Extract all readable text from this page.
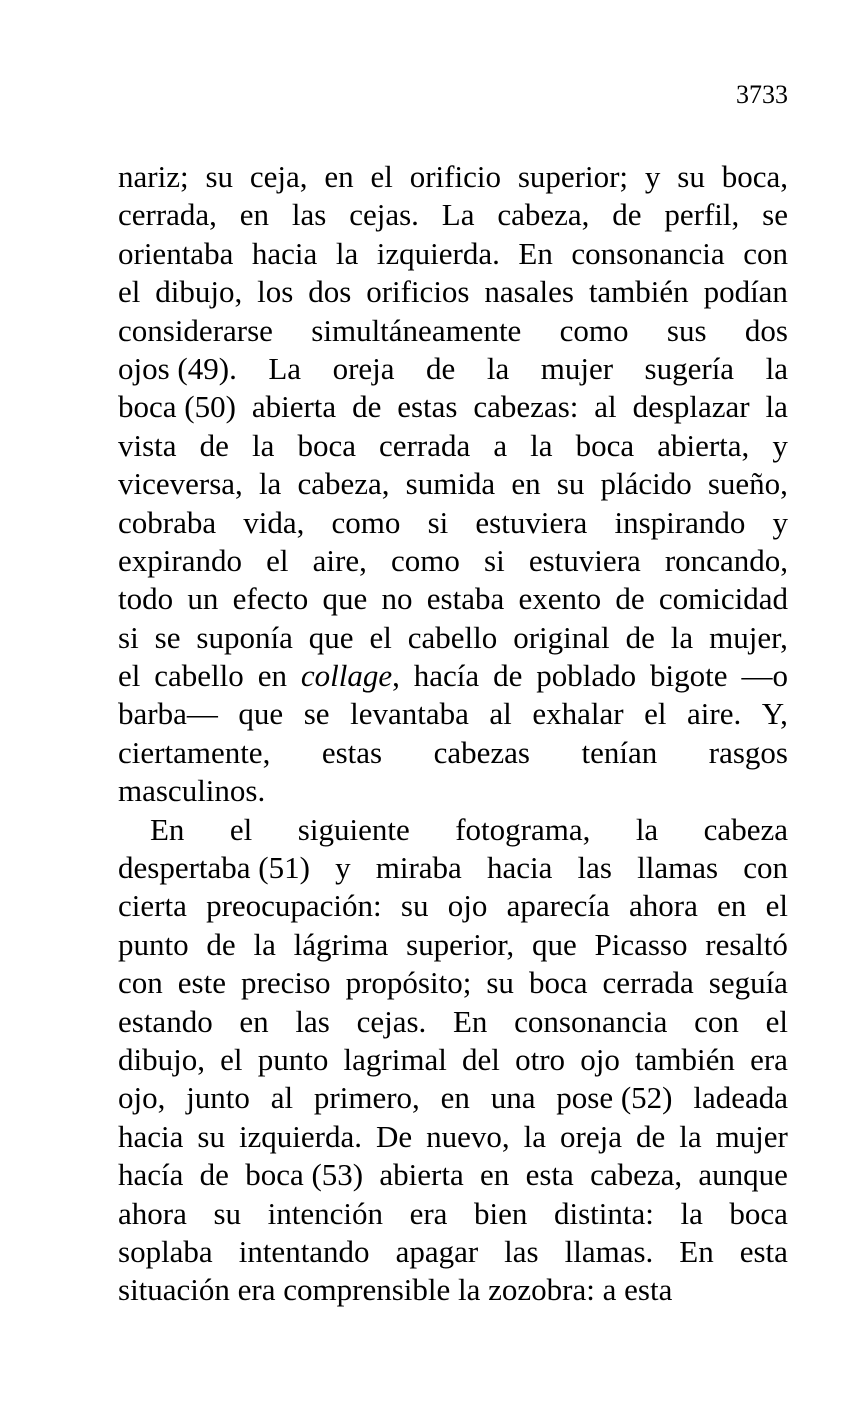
3733
nariz; su ceja, en el orificio superior; y su boca,
cerrada, en las cejas. La cabeza, de perfil, se
orientaba hacia la izquierda. En consonancia con
el dibujo, los dos orificios nasales también podían
considerarse simultáneamente como sus dos
ojos (49). La oreja de la mujer sugería la
boca (50) abierta de estas cabezas: al desplazar la
vista de la boca cerrada a la boca abierta, y
viceversa, la cabeza, sumida en su plácido sueño,
cobraba vida, como si estuviera inspirando y
expirando el aire, como si estuviera roncando,
todo un efecto que no estaba exento de comicidad
si se suponía que el cabello original de la mujer,
el cabello en collage, hacía de poblado bigote —o
barba— que se levantaba al exhalar el aire. Y,
ciertamente, estas cabezas tenían rasgos
masculinos.
En el siguiente fotograma, la cabeza
despertaba (51) y miraba hacia las llamas con
cierta preocupación: su ojo aparecía ahora en el
punto de la lágrima superior, que Picasso resaltó
con este preciso propósito; su boca cerrada seguía
estando en las cejas. En consonancia con el
dibujo, el punto lagrimal del otro ojo también era
ojo, junto al primero, en una pose (52) ladeada
hacia su izquierda. De nuevo, la oreja de la mujer
hacía de boca (53) abierta en esta cabeza, aunque
ahora su intención era bien distinta: la boca
soplaba intentando apagar las llamas. En esta
situación era comprensible la zozobra: a esta
